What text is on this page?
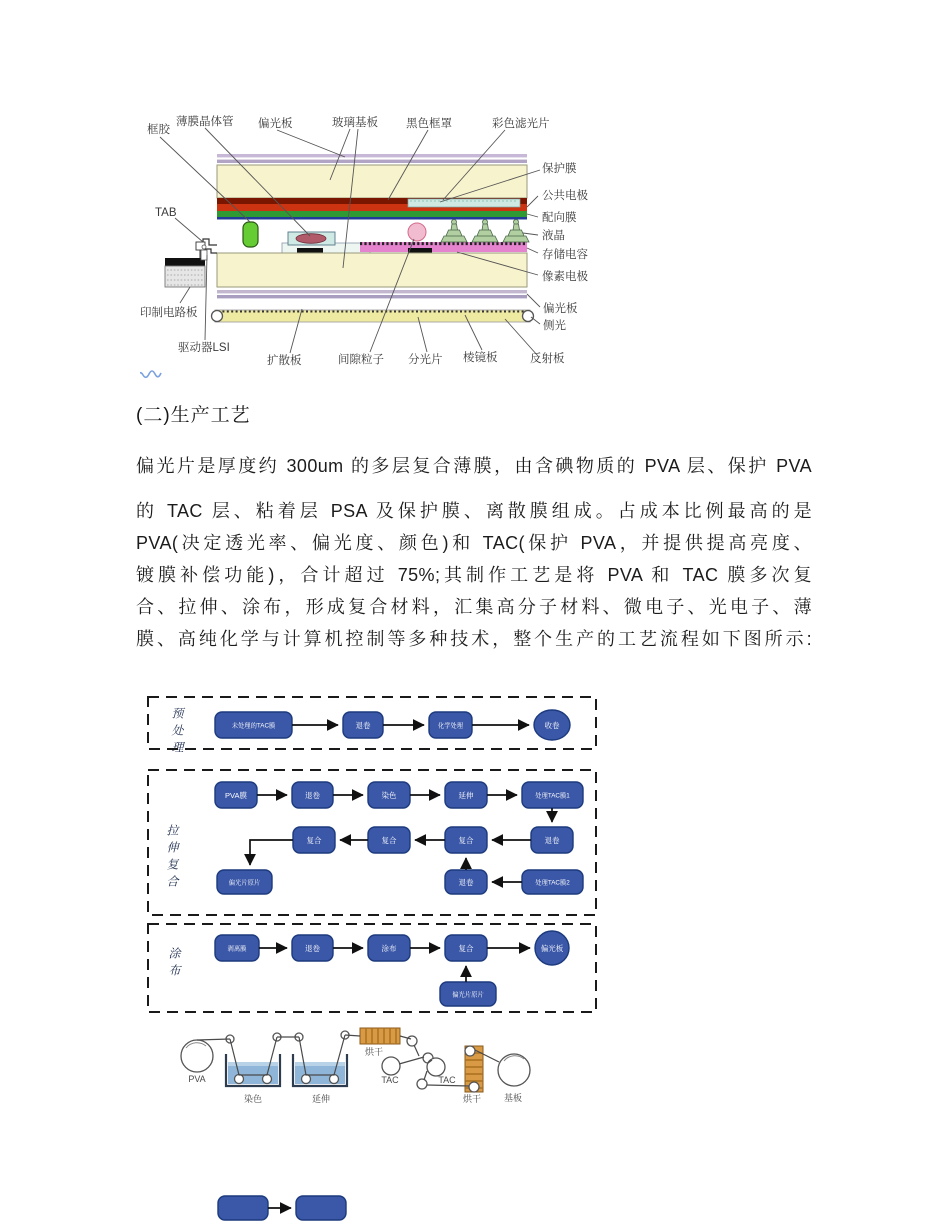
框胶
薄膜晶体管 偏光板	玻璃基板 黑色框罩	彩色滤光片
保护膜
公共电极
配向膜
液晶
存储电容
像素电极
偏光板
侧光
反射板
TAB
印制电路板
驱动器LSI
扩散板	间隙粒子 分光片 棱镜板
(二)生产工艺
偏光片是厚度约 300um 的多层复合薄膜，由含碘物质的 PVA 层、保护 PVA
的 TAC 层、粘着层 PSA 及保护膜、离散膜组成。占成本比例最高的是
PVA(决定透光率、偏光度、颜色)和 TAC(保护 PVA，并提供提高亮度、
镀膜补偿功能)，合计超过 75%;其制作工艺是将 PVA 和 TAC 膜多次复
合、拉伸、涂布，形成复合材料，汇集高分子材料、微电子、光电子、薄
膜、高纯化学与计算机控制等多种技术，整个生产的工艺流程如下图所示:
预处理
拉伸复合
涂布
未处理的TAC膜	退卷	化学处理	收卷
PVA膜	退卷	染色	延伸	处理TAC膜1
复合	复合	复合	退卷
偏光片原片	退卷	处理TAC膜2
剥离膜	退卷	涂布	复合	偏光板
偏光片原片
PVA
染色	延伸
烘干
TAC	TAC
烘干	基板
